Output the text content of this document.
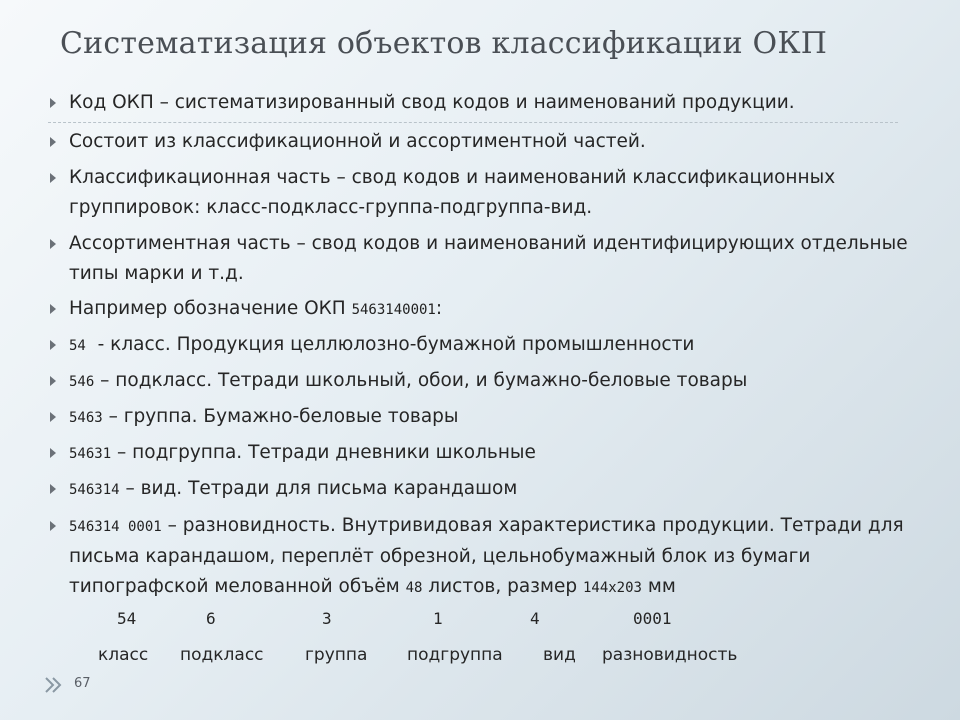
Систематизация объектов классификации ОКП
Код ОКП – систематизированный свод кодов и наименований продукции.
Состоит из классификационной и ассортиментной частей.
Классификационная часть – свод кодов и наименований классификационных группировок: класс-подкласс-группа-подгруппа-вид.
Ассортиментная часть – свод кодов и наименований идентифицирующих отдельные типы марки и т.д.
Например обозначение ОКП 5463140001:
54  - класс. Продукция целлюлозно-бумажной промышленности
546 – подкласс. Тетради школьный, обои, и бумажно-беловые товары
5463 – группа. Бумажно-беловые товары
54631 – подгруппа. Тетради дневники школьные
546314 – вид. Тетради для письма карандашом
546314 0001 – разновидность. Внутривидовая характеристика продукции. Тетради для письма карандашом, переплёт обрезной, цельнобумажный блок из бумаги типографской мелованной объём 48 листов, размер 144х203 мм
54	6	3	1	4	0001
класс подкласс группа подгруппа вид разновидность
67
